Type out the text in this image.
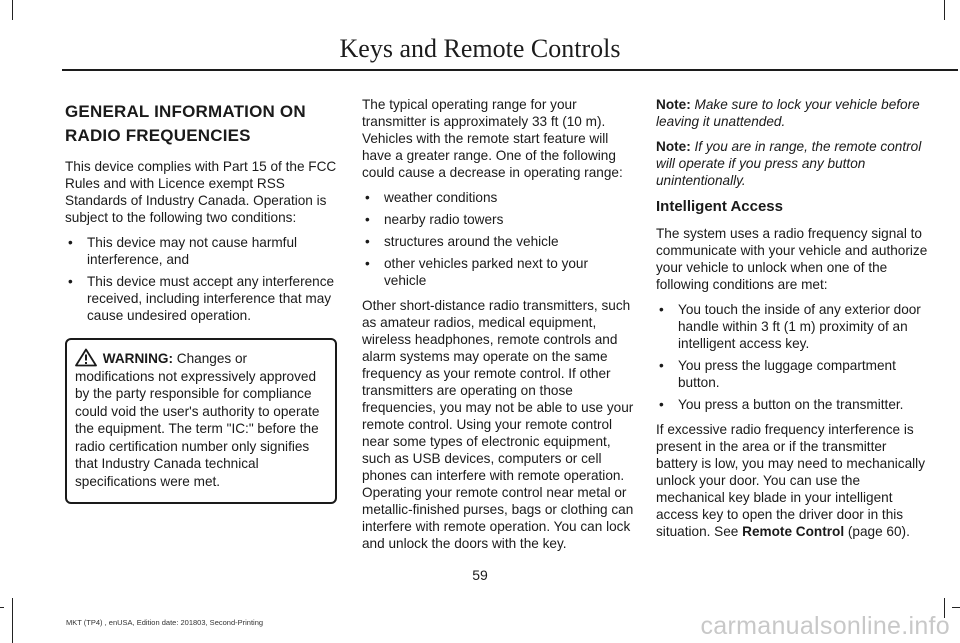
Keys and Remote Controls
GENERAL INFORMATION ON
RADIO FREQUENCIES

This device complies with Part 15 of the FCC Rules and with Licence exempt RSS Standards of Industry Canada. Operation is subject to the following two conditions:

• This device may not cause harmful interference, and
• This device must accept any interference received, including interference that may cause undesired operation.
WARNING: Changes or modifications not expressively approved by the party responsible for compliance could void the user's authority to operate the equipment. The term "IC:" before the radio certification number only signifies that Industry Canada technical specifications were met.

The typical operating range for your transmitter is approximately 33 ft (10 m). Vehicles with the remote start feature will have a greater range. One of the following could cause a decrease in operating range:

• weather conditions
• nearby radio towers
• structures around the vehicle
• other vehicles parked next to your vehicle

Other short-distance radio transmitters, such as amateur radios, medical equipment, wireless headphones, remote controls and alarm systems may operate on the same frequency as your remote control. If other transmitters are operating on those frequencies, you may not be able to use your remote control. Using your remote control near some types of electronic equipment, such as USB devices, computers or cell phones can interfere with remote operation. Operating your remote control near metal or metallic-finished purses, bags or clothing can interfere with remote operation. You can lock and unlock the doors with the key.

Note: Make sure to lock your vehicle before leaving it unattended.

Note: If you are in range, the remote control will operate if you press any button unintentionally.

Intelligent Access

The system uses a radio frequency signal to communicate with your vehicle and authorize your vehicle to unlock when one of the following conditions are met:

• You touch the inside of any exterior door handle within 3 ft (1 m) proximity of an intelligent access key.
• You press the luggage compartment button.
• You press a button on the transmitter.

If excessive radio frequency interference is present in the area or if the transmitter battery is low, you may need to mechanically unlock your door. You can use the mechanical key blade in your intelligent access key to open the driver door in this situation. See Remote Control (page 60).

59
MKT (TP4) , enUSA, Edition date: 201803, Second-Printing	carmanualsonline.info
